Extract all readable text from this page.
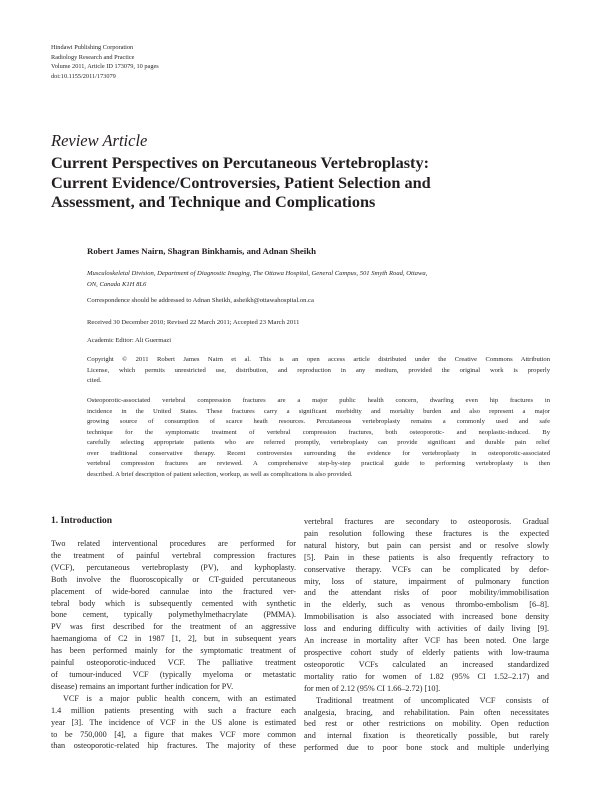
Hindawi Publishing Corporation
Radiology Research and Practice
Volume 2011, Article ID 173079, 10 pages
doi:10.1155/2011/173079
Review Article
Current Perspectives on Percutaneous Vertebroplasty:
Current Evidence/Controversies, Patient Selection and
Assessment, and Technique and Complications
Robert James Nairn, Shagran Binkhamis, and Adnan Sheikh
Musculoskeletal Division, Department of Diagnostic Imaging, The Ottawa Hospital, General Campus, 501 Smyth Road, Ottawa,
ON, Canada K1H 8L6
Correspondence should be addressed to Adnan Sheikh, asheikh@ottawahospital.on.ca
Received 30 December 2010; Revised 22 March 2011; Accepted 23 March 2011
Academic Editor: Ali Guermazi
Copyright © 2011 Robert James Nairn et al. This is an open access article distributed under the Creative Commons Attribution
License, which permits unrestricted use, distribution, and reproduction in any medium, provided the original work is properly
cited.
Osteoporotic-associated vertebral compression fractures are a major public health concern, dwarfing even hip fractures in
incidence in the United States. These fractures carry a significant morbidity and mortality burden and also represent a major
growing source of consumption of scarce heath resources. Percutaneous vertebroplasty remains a commonly used and safe
technique for the symptomatic treatment of vertebral compression fractures, both osteoporotic- and neoplastic-induced. By
carefully selecting appropriate patients who are referred promptly, vertebroplasty can provide significant and durable pain relief
over traditional conservative therapy. Recent controversies surrounding the evidence for vertebroplasty in osteoporotic-associated
vertebral compression fractures are reviewed. A comprehensive step-by-step practical guide to performing vertebroplasty is then
described. A brief description of patient selection, workup, as well as complications is also provided.
1. Introduction
Two related interventional procedures are performed for
the treatment of painful vertebral compression fractures
(VCF), percutaneous vertebroplasty (PV), and kyphoplasty.
Both involve the fluoroscopically or CT-guided percutaneous
placement of wide-bored cannulae into the fractured ver-
tebral body which is subsequently cemented with synthetic
bone cement, typically polymethylmethacrylate (PMMA).
PV was first described for the treatment of an aggressive
haemangioma of C2 in 1987 [1, 2], but in subsequent years
has been performed mainly for the symptomatic treatment of
painful osteoporotic-induced VCF. The palliative treatment
of tumour-induced VCF (typically myeloma or metastatic
disease) remains an important further indication for PV.
VCF is a major public health concern, with an estimated
1.4 million patients presenting with such a fracture each
year [3]. The incidence of VCF in the US alone is estimated
to be 750,000 [4], a figure that makes VCF more common
than osteoporotic-related hip fractures. The majority of these
vertebral fractures are secondary to osteoporosis. Gradual
pain resolution following these fractures is the expected
natural history, but pain can persist and or resolve slowly
[5]. Pain in these patients is also frequently refractory to
conservative therapy. VCFs can be complicated by defor-
mity, loss of stature, impairment of pulmonary function
and the attendant risks of poor mobility/immobilisation
in the elderly, such as venous thrombo-embolism [6–8].
Immobilisation is also associated with increased bone density
loss and enduring difficulty with activities of daily living [9].
An increase in mortality after VCF has been noted. One large
prospective cohort study of elderly patients with low-trauma
osteoporotic VCFs calculated an increased standardized
mortality ratio for women of 1.82 (95% CI 1.52–2.17) and
for men of 2.12 (95% CI 1.66–2.72) [10].
Traditional treatment of uncomplicated VCF consists of
analgesia, bracing, and rehabilitation. Pain often necessitates
bed rest or other restrictions on mobility. Open reduction
and internal fixation is theoretically possible, but rarely
performed due to poor bone stock and multiple underlying
